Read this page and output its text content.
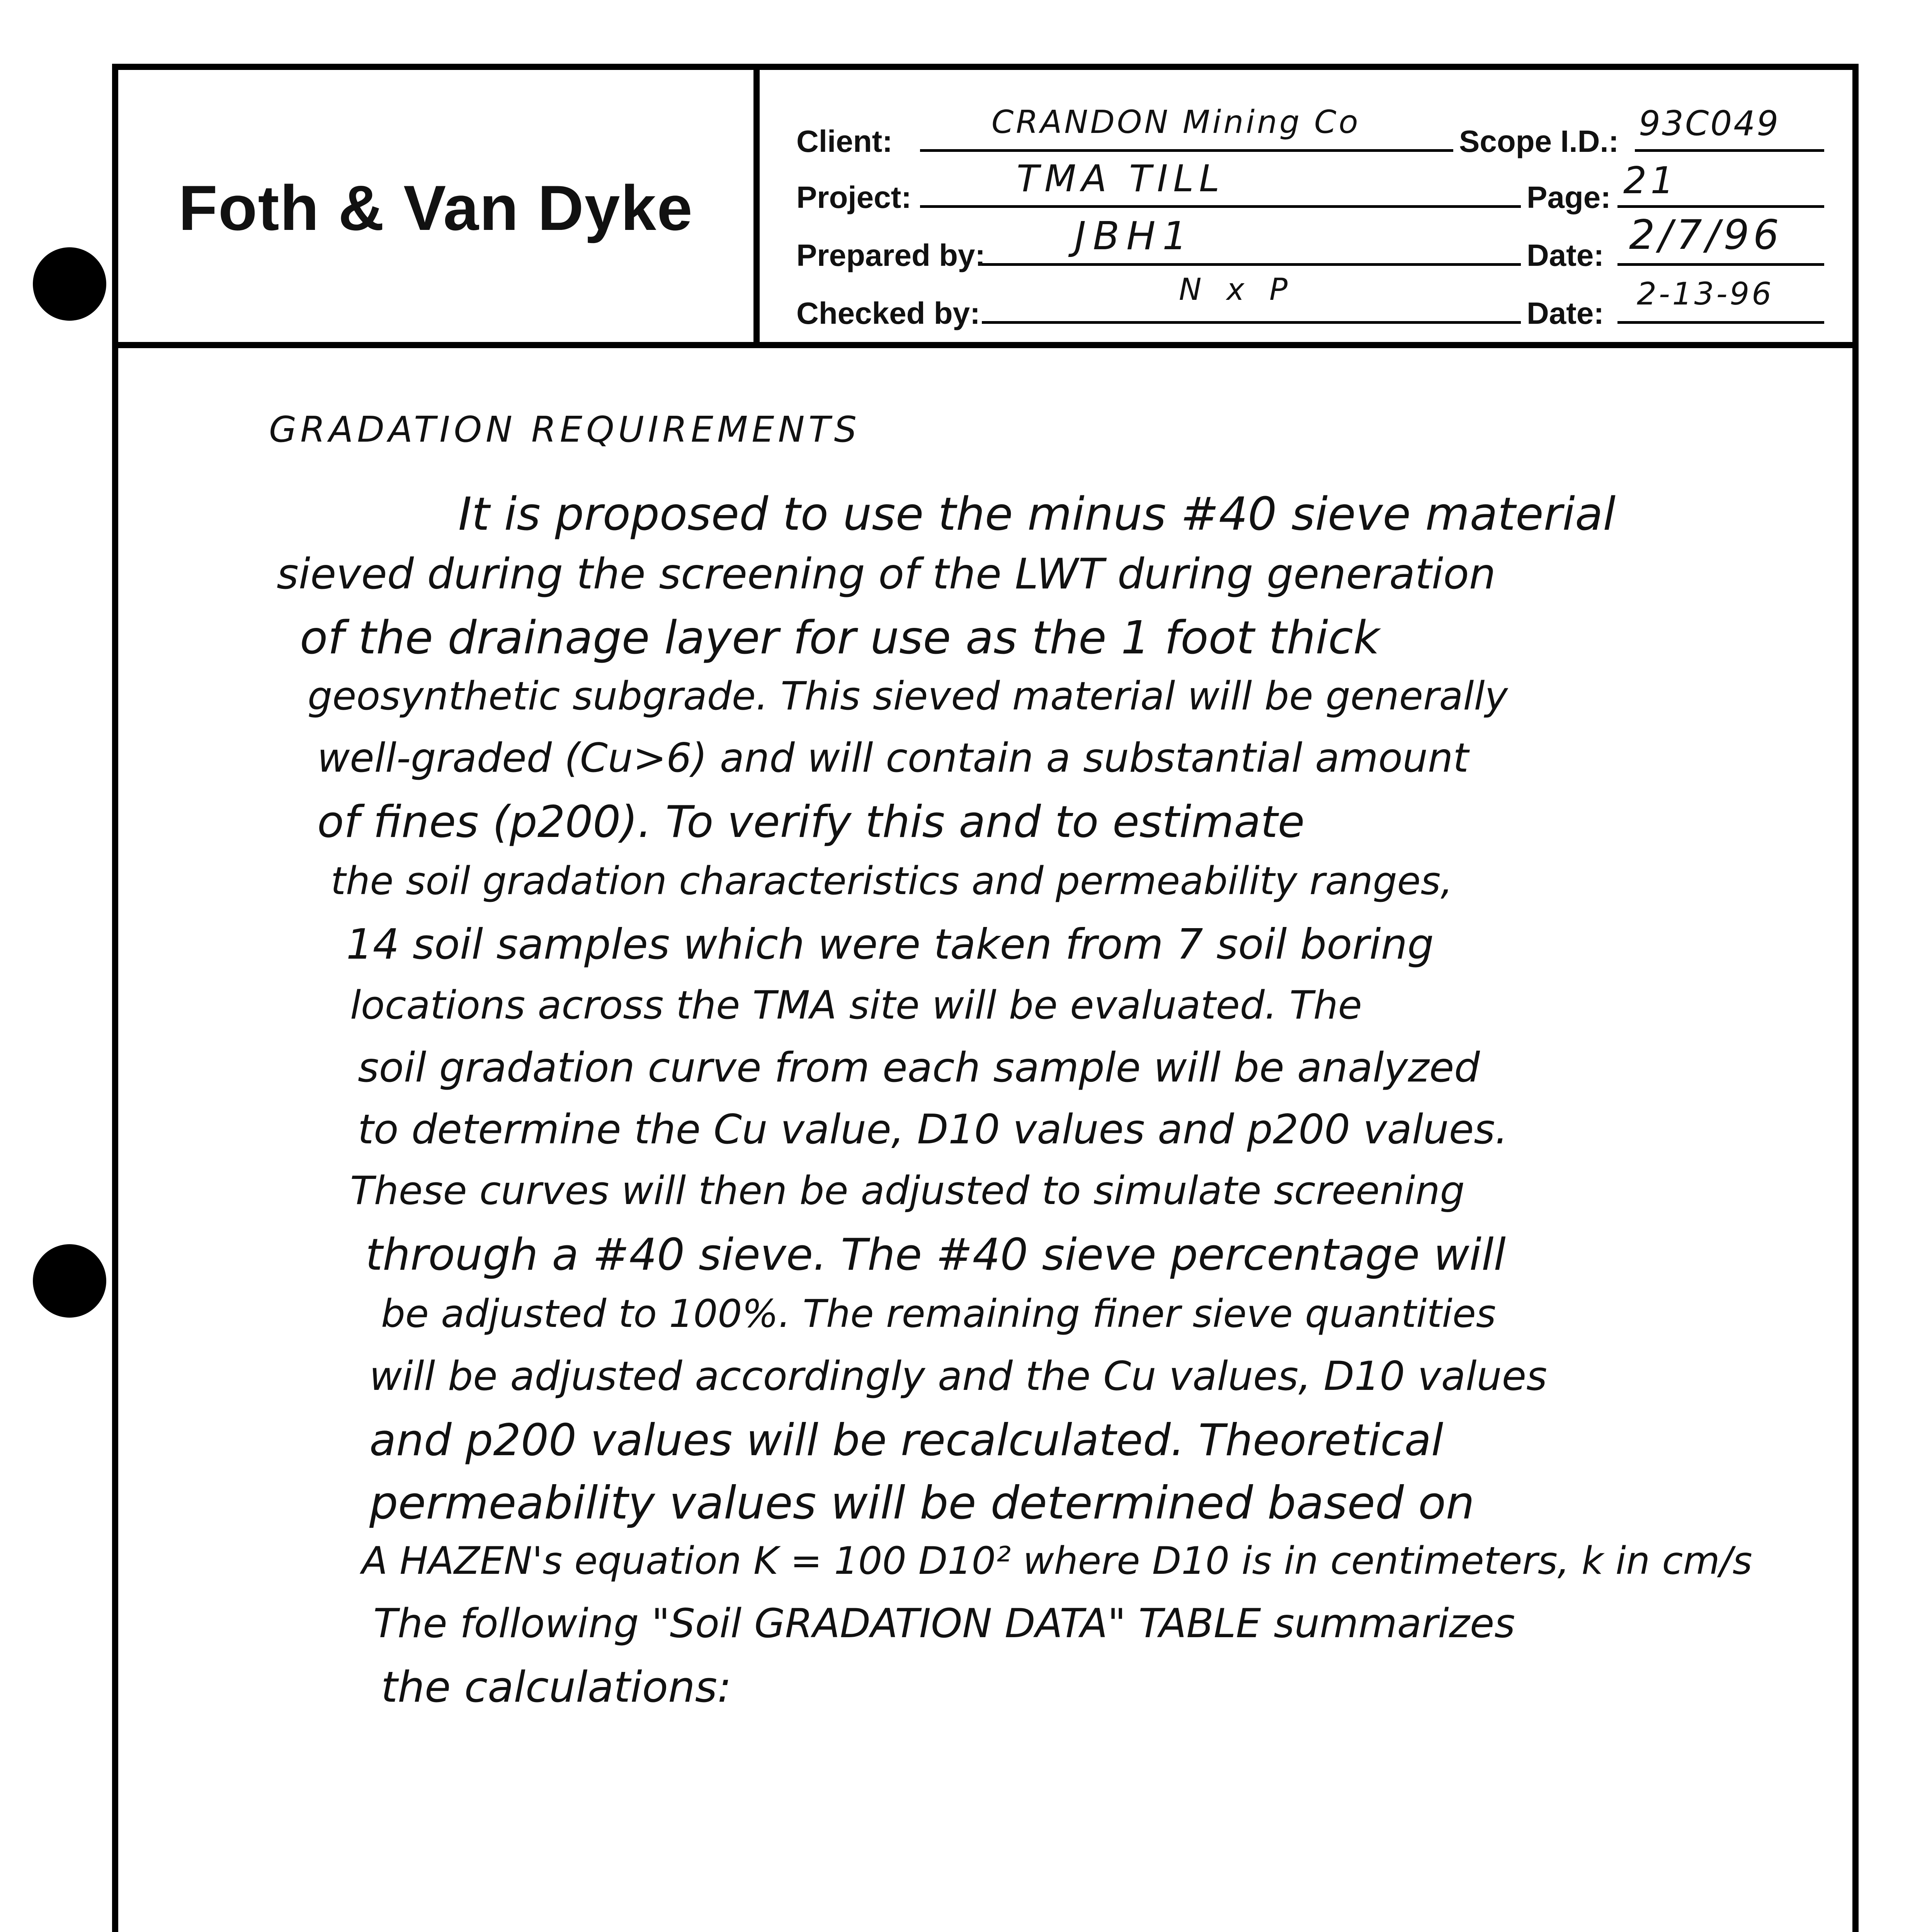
Foth & Van Dyke
Client:
CRANDON Mining Co
Scope I.D.: 93C049
Project:	TMA TILL	Page: 21
Prepared by: JBH1	Date: 2/7/96
Checked by:
N x P
Date:
2-13-96
GRADATION REQUIREMENTS
It is proposed to use the minus #40 sieve material
sieved during the screening of the LWT during generation
of the drainage layer for use as the 1 foot thick
geosynthetic subgrade. This sieved material will be generally
well-graded (Cu>6) and will contain a substantial amount
of fines (p200). To verify this and to estimate
the soil gradation characteristics and permeability ranges,
14 soil samples which were taken from 7 soil boring
locations across the TMA site will be evaluated. The
soil gradation curve from each sample will be analyzed
to determine the Cu value, D10 values and p200 values.
These curves will then be adjusted to simulate screening
through a #40 sieve. The #40 sieve percentage will
be adjusted to 100%. The remaining finer sieve quantities
will be adjusted accordingly and the Cu values, D10 values
and p200 values will be recalculated. Theoretical
permeability values will be determined based on
A HAZEN's equation K = 100 D10² where D10 is in centimeters, k in cm/s
The following "Soil GRADATION DATA" TABLE summarizes
the calculations:
